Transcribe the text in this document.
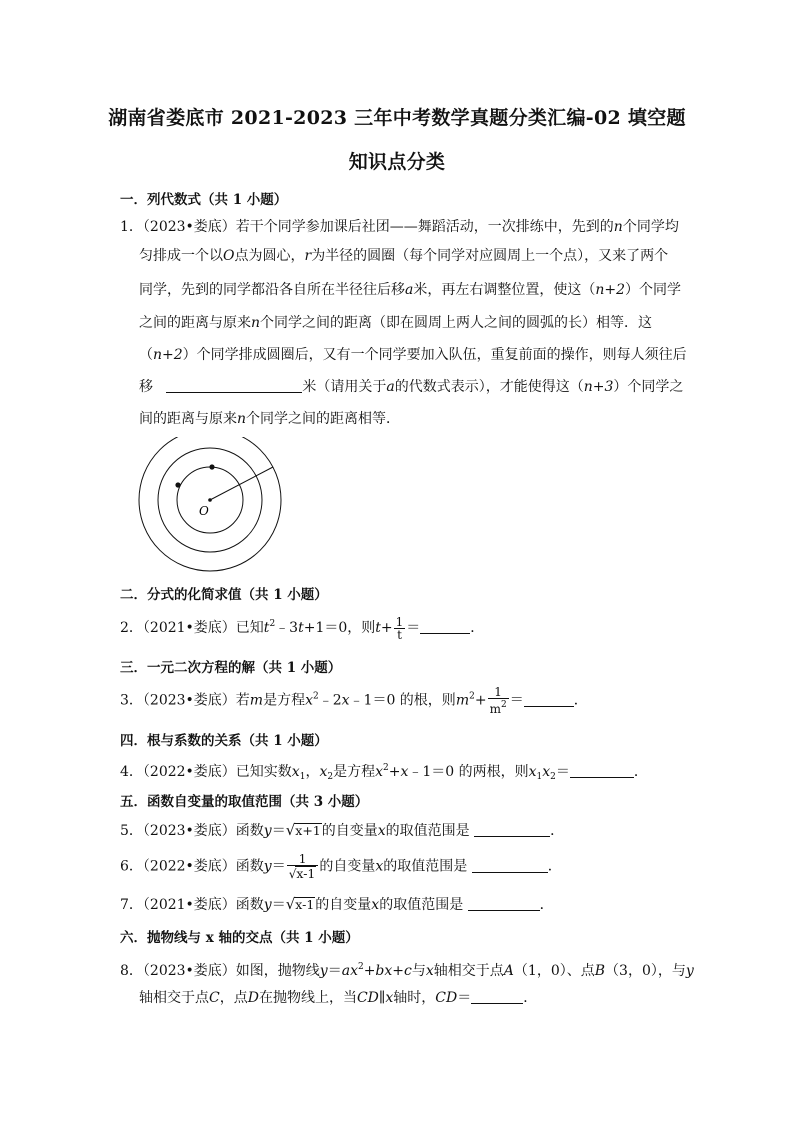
湖南省娄底市 2021-2023 三年中考数学真题分类汇编-02 填空题
知识点分类
一．列代数式（共 1 小题）
1．（2023•娄底）若干个同学参加课后社团——舞蹈活动，一次排练中，先到的n个同学均
匀排成一个以O点为圆心，r为半径的圆圈（每个同学对应圆周上一个点），又来了两个
同学，先到的同学都沿各自所在半径往后移a米，再左右调整位置，使这（n+2）个同学
之间的距离与原来n个同学之间的距离（即在圆周上两人之间的圆弧的长）相等．这
（n+2）个同学排成圆圈后，又有一个同学要加入队伍，重复前面的操作，则每人须往后
移	米（请用关于a的代数式表示），才能使得这（n+3）个同学之
间的距离与原来n个同学之间的距离相等．
O
二．分式的化简求值（共 1 小题）
2．（2021•娄底）已知$t^2﹣3t+1=0$，则$t+ \frac{1}{t}$ ＝	．
三．一元二次方程的解（共 1 小题）
3．（2023•娄底）若m是方程$x^2﹣2x﹣1=0$ 的根，则$m^2+ \frac{1}{m^2}$ ＝	．
四．根与系数的关系（共 1 小题）
4．（2022•娄底）已知实数$x_1$，$x_2$是方程$x^2+x﹣1=0$ 的两根，则$x_1x_2=$	．
五．函数自变量的取值范围（共 3 小题）
5．（2023•娄底）函数y＝√x+1的自变量x的取值范围是	．
6．（2022•娄底）函数$y= \frac{1}{√x-1}$ 的自变量x的取值范围是	．
7．（2021•娄底）函数y＝√x-1的自变量x的取值范围是	．
六．抛物线与 x 轴的交点（共 1 小题）
8．（2023•娄底）如图，抛物线$y=ax^2+bx+c$与x轴相交于点A（1，0）、点B（3，0），与y
轴相交于点C，点D在抛物线上，当CD∥x轴时，CD＝	．
